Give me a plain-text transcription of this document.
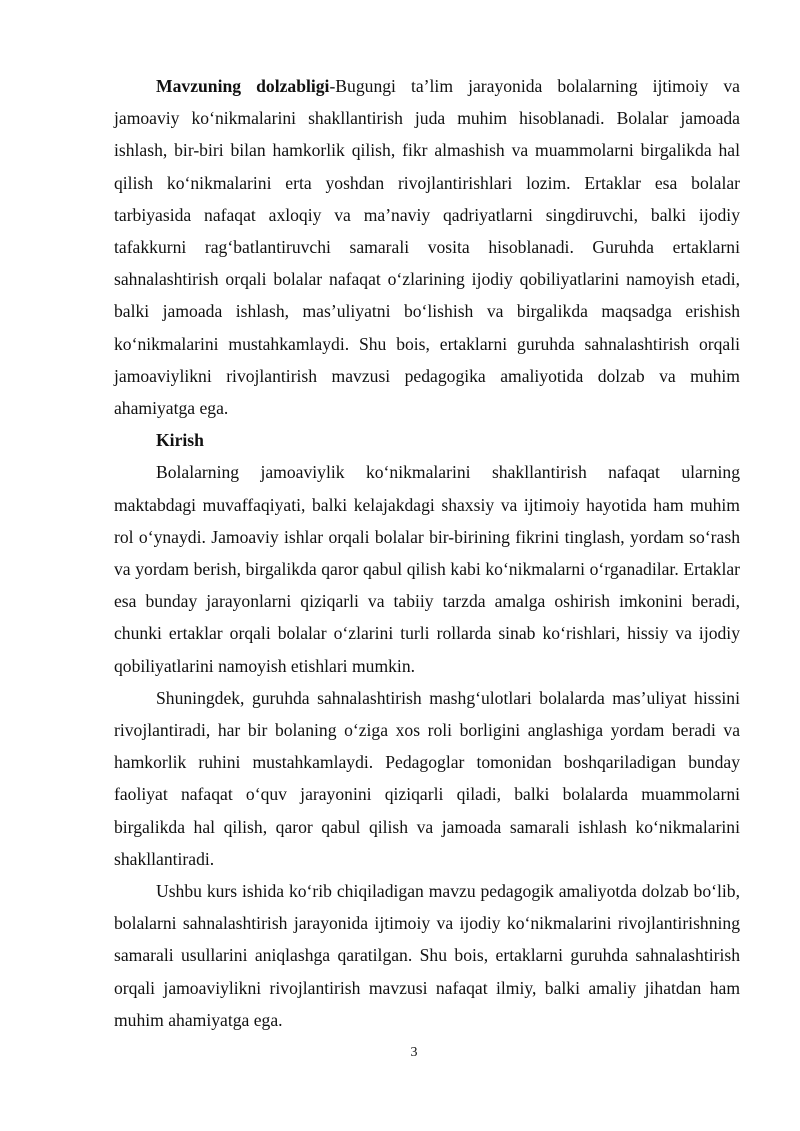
Mavzuning dolzabligi-Bugungi ta’lim jarayonida bolalarning ijtimoiy va jamoaviy ko‘nikmalarini shakllantirish juda muhim hisoblanadi. Bolalar jamoada ishlash, bir-biri bilan hamkorlik qilish, fikr almashish va muammolarni birgalikda hal qilish ko‘nikmalarini erta yoshdan rivojlantirishlari lozim. Ertaklar esa bolalar tarbiyasida nafaqat axloqiy va ma’naviy qadriyatlarni singdiruvchi, balki ijodiy tafakkurni rag‘batlantiruvchi samarali vosita hisoblanadi. Guruhda ertaklarni sahnalashtirish orqali bolalar nafaqat o‘zlarining ijodiy qobiliyatlarini namoyish etadi, balki jamoada ishlash, mas’uliyatni bo‘lishish va birgalikda maqsadga erishish ko‘nikmalarini mustahkamlaydi. Shu bois, ertaklarni guruhda sahnalashtirish orqali jamoaviylikni rivojlantirish mavzusi pedagogika amaliyotida dolzab va muhim ahamiyatga ega.

Kirish

Bolalarning jamoaviylik ko‘nikmalarini shakllantirish nafaqat ularning maktabdagi muvaffaqiyati, balki kelajakdagi shaxsiy va ijtimoiy hayotida ham muhim rol o‘ynaydi. Jamoaviy ishlar orqali bolalar bir-birining fikrini tinglash, yordam so‘rash va yordam berish, birgalikda qaror qabul qilish kabi ko‘nikmalarni o‘rganadilar. Ertaklar esa bunday jarayonlarni qiziqarli va tabiiy tarzda amalga oshirish imkonini beradi, chunki ertaklar orqali bolalar o‘zlarini turli rollarda sinab ko‘rishlari, hissiy va ijodiy qobiliyatlarini namoyish etishlari mumkin.

Shuningdek, guruhda sahnalashtirish mashg‘ulotlari bolalarda mas’uliyat hissini rivojlantiradi, har bir bolaning o‘ziga xos roli borligini anglashiga yordam beradi va hamkorlik ruhini mustahkamlaydi. Pedagoglar tomonidan boshqariladigan bunday faoliyat nafaqat o‘quv jarayonini qiziqarli qiladi, balki bolalarda muammolarni birgalikda hal qilish, qaror qabul qilish va jamoada samarali ishlash ko‘nikmalarini shakllantiradi.

Ushbu kurs ishida ko‘rib chiqiladigan mavzu pedagogik amaliyotda dolzab bo‘lib, bolalarni sahnalashtirish jarayonida ijtimoiy va ijodiy ko‘nikmalarini rivojlantirishning samarali usullarini aniqlashga qaratilgan. Shu bois, ertaklarni guruhda sahnalashtirish orqali jamoaviylikni rivojlantirish mavzusi nafaqat ilmiy, balki amaliy jihatdan ham muhim ahamiyatga ega.

3
